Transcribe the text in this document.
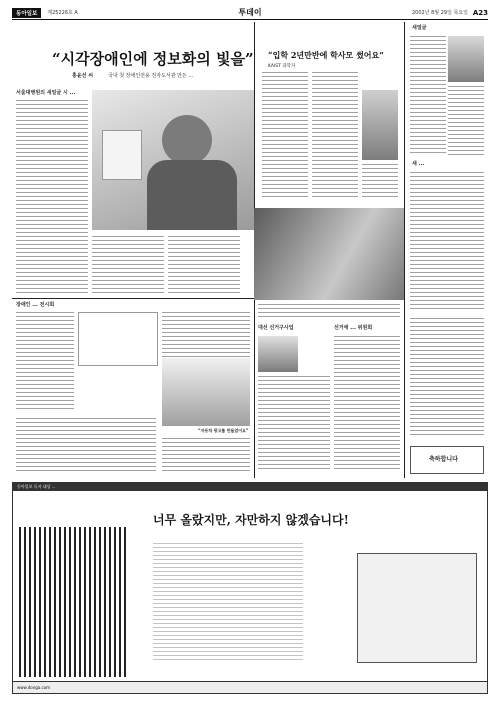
동아일보	제25226호 A	투데이	2002년 8월 29일 목요일 A23
“시각장애인에 정보화의 빛을”
홍윤선 씨	국내 첫 장애인전용 전자도서관 만든 ...
서울대병원의 새얼굴 시 ...
“입학 2년만반에 학사모 썼어요”
KAIST 과학자
새얼굴
새 ...
축하합니다
장애인 ... 전시회
대선 선거구사업	선거에 ... 위원회
“자동차 광고를 만들었어요”
동아일보 독자 대상 ...
너무 올랐지만, 자만하지 않겠습니다!
www.donga.com
